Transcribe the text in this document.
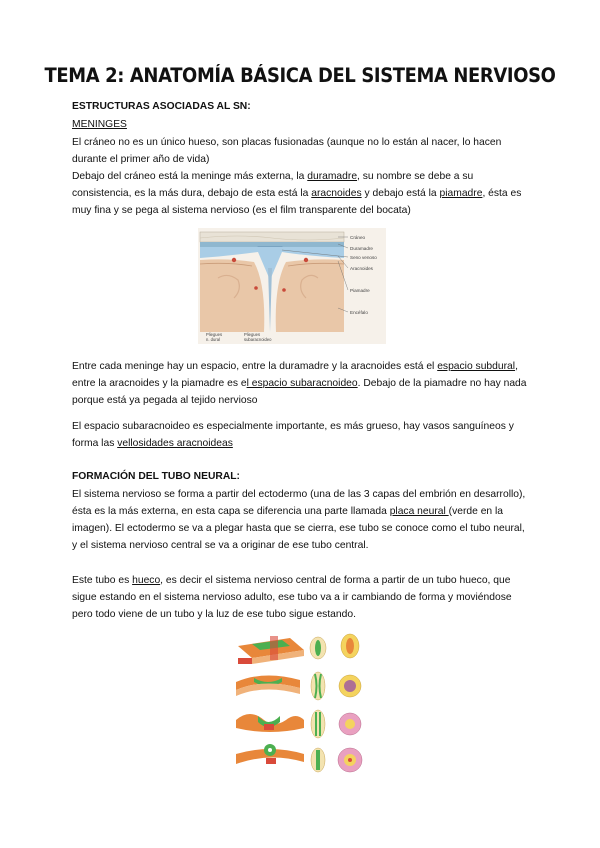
TEMA 2: ANATOMÍA BÁSICA DEL SISTEMA NERVIOSO
ESTRUCTURAS ASOCIADAS AL SN:
MENINGES
El cráneo no es un único hueso, son placas fusionadas (aunque no lo están al nacer, lo hacen durante el primer año de vida)
Debajo del cráneo está la meninge más externa, la duramadre, su nombre se debe a su consistencia, es la más dura, debajo de esta está la aracnoides y debajo está la piamadre, ésta es muy fina y se pega al sistema nervioso (es el film transparente del bocata)
Cráneo
Duramadre
Seno venoso
Aracnoides
Piamadre
Encéfalo
Pliegues
n. dural
Pliegues
subaracnoideo
Entre cada meninge hay un espacio, entre la duramadre y la aracnoides está el espacio subdural, entre la aracnoides y la piamadre es el espacio subaracnoideo. Debajo de la piamadre no hay nada porque está ya pegada al tejido nervioso
El espacio subaracnoideo es especialmente importante, es más grueso, hay vasos sanguíneos y forma las vellosidades aracnoideas
FORMACIÓN DEL TUBO NEURAL:
El sistema nervioso se forma a partir del ectodermo (una de las 3 capas del embrión en desarrollo), ésta es la más externa, en esta capa se diferencia una parte llamada placa neural (verde en la imagen). El ectodermo se va a plegar hasta que se cierra, ese tubo se conoce como el tubo neural, y el sistema nervioso central se va a originar de ese tubo central.
Este tubo es hueco, es decir el sistema nervioso central de forma a partir de un tubo hueco, que sigue estando en el sistema nervioso adulto, ese tubo va a ir cambiando de forma y moviéndose pero todo viene de un tubo y la luz de ese tubo sigue estando.
